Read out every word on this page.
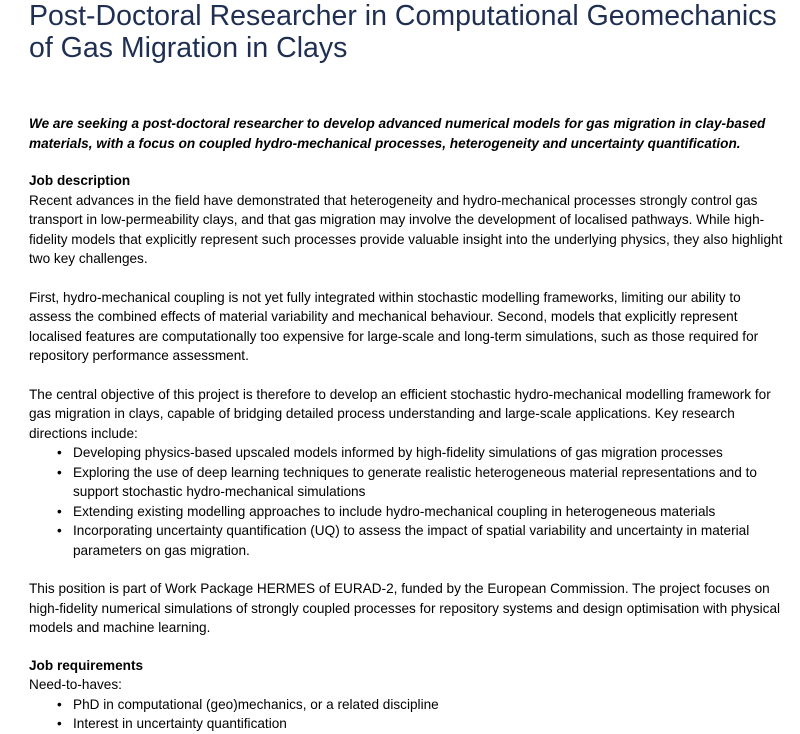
Post-Doctoral Researcher in Computational Geomechanics of Gas Migration in Clays

We are seeking a post-doctoral researcher to develop advanced numerical models for gas migration in clay-based materials, with a focus on coupled hydro-mechanical processes, heterogeneity and uncertainty quantification.

Job description

Recent advances in the field have demonstrated that heterogeneity and hydro-mechanical processes strongly control gas transport in low-permeability clays, and that gas migration may involve the development of localised pathways. While high-fidelity models that explicitly represent such processes provide valuable insight into the underlying physics, they also highlight two key challenges.

First, hydro-mechanical coupling is not yet fully integrated within stochastic modelling frameworks, limiting our ability to assess the combined effects of material variability and mechanical behaviour. Second, models that explicitly represent localised features are computationally too expensive for large-scale and long-term simulations, such as those required for repository performance assessment.

The central objective of this project is therefore to develop an efficient stochastic hydro-mechanical modelling framework for gas migration in clays, capable of bridging detailed process understanding and large-scale applications. Key research directions include:

• Developing physics-based upscaled models informed by high-fidelity simulations of gas migration processes
• Exploring the use of deep learning techniques to generate realistic heterogeneous material representations and to support stochastic hydro-mechanical simulations
• Extending existing modelling approaches to include hydro-mechanical coupling in heterogeneous materials
• Incorporating uncertainty quantification (UQ) to assess the impact of spatial variability and uncertainty in material parameters on gas migration.

This position is part of Work Package HERMES of EURAD-2, funded by the European Commission. The project focuses on high-fidelity numerical simulations of strongly coupled processes for repository systems and design optimisation with physical models and machine learning.

Job requirements

Need-to-haves:

• PhD in computational (geo)mechanics, or a related discipline
• Interest in uncertainty quantification
